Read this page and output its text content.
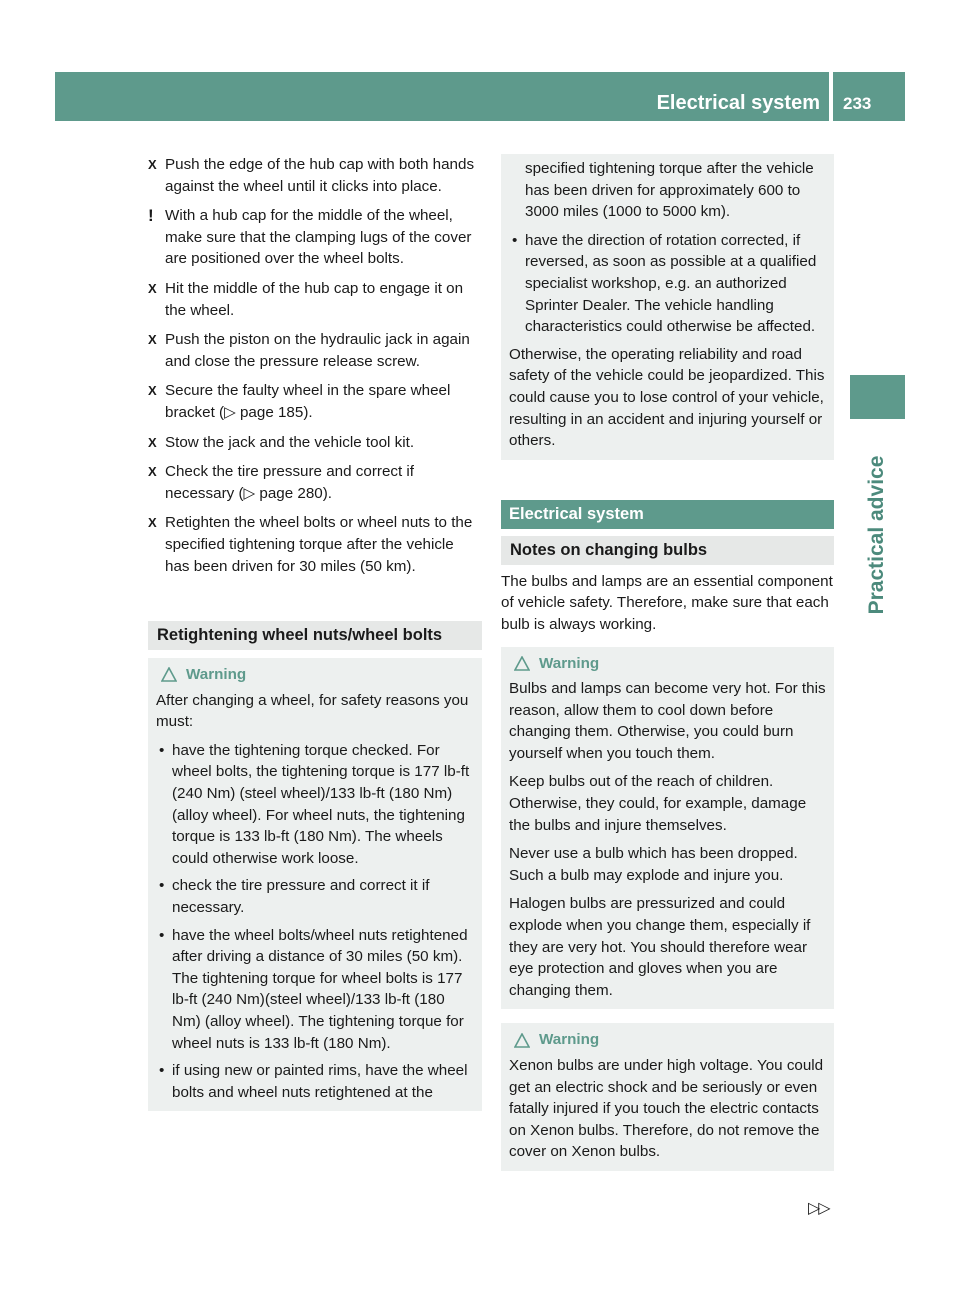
Electrical system 233
Practical advice
X Push the edge of the hub cap with both hands against the wheel until it clicks into place.
! With a hub cap for the middle of the wheel, make sure that the clamping lugs of the cover are positioned over the wheel bolts.
X Hit the middle of the hub cap to engage it on the wheel.
X Push the piston on the hydraulic jack in again and close the pressure release screw.
X Secure the faulty wheel in the spare wheel bracket (▷ page 185).
X Stow the jack and the vehicle tool kit.
X Check the tire pressure and correct if necessary (▷ page 280).
X Retighten the wheel bolts or wheel nuts to the specified tightening torque after the vehicle has been driven for 30 miles (50 km).
Retightening wheel nuts/wheel bolts
Warning
After changing a wheel, for safety reasons you must:
• have the tightening torque checked. For wheel bolts, the tightening torque is 177 lb-ft (240 Nm) (steel wheel)/133 lb-ft (180 Nm) (alloy wheel). For wheel nuts, the tightening torque is 133 lb-ft (180 Nm). The wheels could otherwise work loose.
• check the tire pressure and correct it if necessary.
• have the wheel bolts/wheel nuts retightened after driving a distance of 30 miles (50 km). The tightening torque for wheel bolts is 177 lb-ft (240 Nm)(steel wheel)/133 lb-ft (180 Nm) (alloy wheel). The tightening torque for wheel nuts is 133 lb-ft (180 Nm).
• if using new or painted rims, have the wheel bolts and wheel nuts retightened at the
specified tightening torque after the vehicle has been driven for approximately 600 to 3000 miles (1000 to 5000 km).
• have the direction of rotation corrected, if reversed, as soon as possible at a qualified specialist workshop, e.g. an authorized Sprinter Dealer. The vehicle handling characteristics could otherwise be affected.
Otherwise, the operating reliability and road safety of the vehicle could be jeopardized. This could cause you to lose control of your vehicle, resulting in an accident and injuring yourself or others.
Electrical system
Notes on changing bulbs
The bulbs and lamps are an essential component of vehicle safety. Therefore, make sure that each bulb is always working.
Warning
Bulbs and lamps can become very hot. For this reason, allow them to cool down before changing them. Otherwise, you could burn yourself when you touch them.
Keep bulbs out of the reach of children. Otherwise, they could, for example, damage the bulbs and injure themselves.
Never use a bulb which has been dropped. Such a bulb may explode and injure you.
Halogen bulbs are pressurized and could explode when you change them, especially if they are very hot. You should therefore wear eye protection and gloves when you are changing them.
Warning
Xenon bulbs are under high voltage. You could get an electric shock and be seriously or even fatally injured if you touch the electric contacts on Xenon bulbs. Therefore, do not remove the cover on Xenon bulbs.
▷▷
